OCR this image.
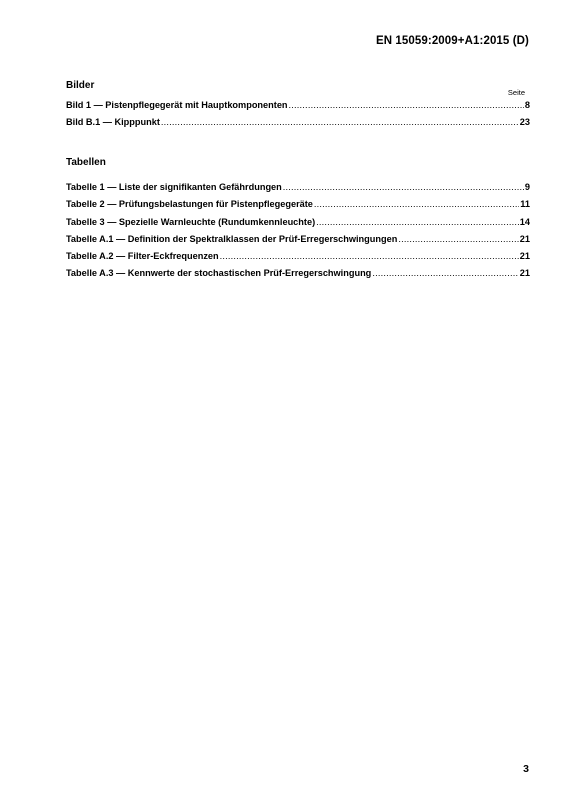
EN 15059:2009+A1:2015 (D)
Bilder
Seite
Bild 1 — Pistenpflegegerät mit Hauptkomponenten .....	8
Bild B.1 — Kipppunkt .....	23
Tabellen
Tabelle 1 — Liste der signifikanten Gefährdungen .....	9
Tabelle 2 — Prüfungsbelastungen für Pistenpflegegeräte .....	11
Tabelle 3 — Spezielle Warnleuchte (Rundumkennleuchte) .....	14
Tabelle A.1 — Definition der Spektralklassen der Prüf-Erregerschwingungen .....	21
Tabelle A.2 — Filter-Eckfrequenzen .....	21
Tabelle A.3 — Kennwerte der stochastischen Prüf-Erregerschwingung .....	21
3
